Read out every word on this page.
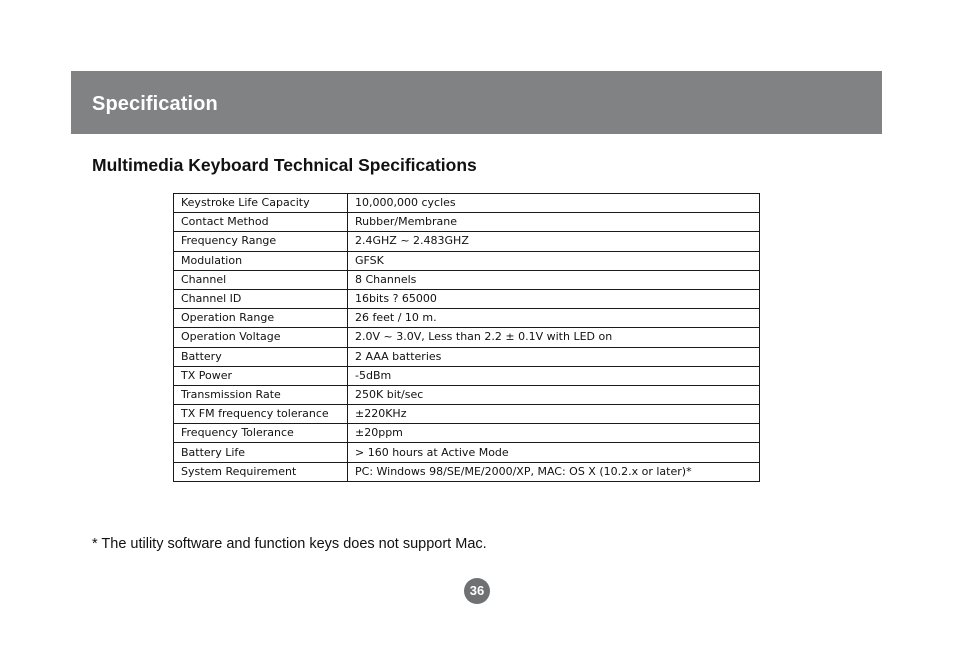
Specification
Multimedia Keyboard Technical Specifications
Keystroke Life Capacity	10,000,000 cycles
Contact Method	Rubber/Membrane
Frequency Range	2.4GHZ ~ 2.483GHZ
Modulation	GFSK
Channel	8 Channels
Channel ID	16bits ? 65000
Operation Range	26 feet / 10 m.
Operation Voltage	2.0V ~ 3.0V, Less than 2.2 ± 0.1V with LED on
Battery	2 AAA batteries
TX Power	-5dBm
Transmission Rate	250K bit/sec
TX FM frequency tolerance	±220KHz
Frequency Tolerance	±20ppm
Battery Life	> 160 hours at Active Mode
System Requirement	PC: Windows 98/SE/ME/2000/XP, MAC: OS X (10.2.x or later)*
* The utility software and function keys does not support Mac.
36
